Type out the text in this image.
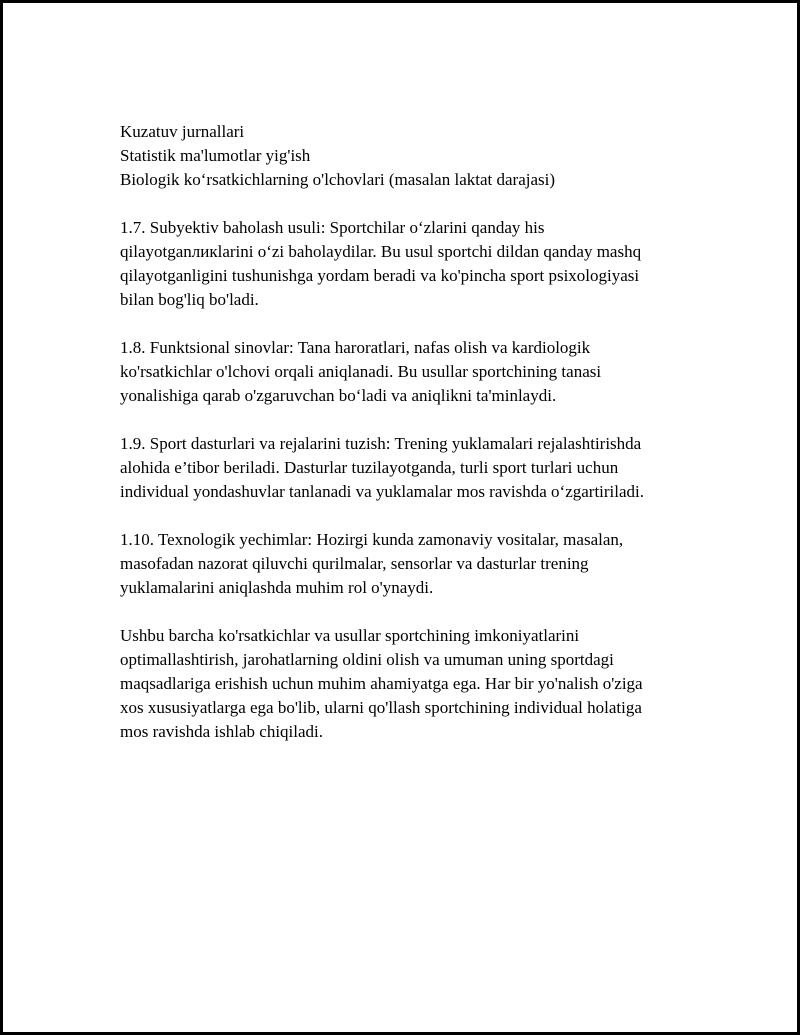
Kuzatuv jurnallari

Statistik ma'lumotlar yig'ish

Biologik ko‘rsatkichlarning o'lchovlari (masalan laktat darajasi)

1.7. Subyektiv baholash usuli: Sportchilar o‘zlarini qanday his

qilayotganликlarini o‘zi baholaydilar. Bu usul sportchi dildan qanday mashq

qilayotganligini tushunishga yordam beradi va ko'pincha sport psixologiyasi

bilan bog'liq bo'ladi.

1.8. Funktsional sinovlar: Tana haroratlari, nafas olish va kardiologik

ko'rsatkichlar o'lchovi orqali aniqlanadi. Bu usullar sportchining tanasi

yonalishiga qarab o'zgaruvchan bo‘ladi va aniqlikni ta'minlaydi.

1.9. Sport dasturlari va rejalarini tuzish: Trening yuklamalari rejalashtirishda

alohida e’tibor beriladi. Dasturlar tuzilayotganda, turli sport turlari uchun

individual yondashuvlar tanlanadi va yuklamalar mos ravishda o‘zgartiriladi.

1.10. Texnologik yechimlar: Hozirgi kunda zamonaviy vositalar, masalan,

masofadan nazorat qiluvchi qurilmalar, sensorlar va dasturlar trening

yuklamalarini aniqlashda muhim rol o'ynaydi.

Ushbu barcha ko'rsatkichlar va usullar sportchining imkoniyatlarini

optimallashtirish, jarohatlarning oldini olish va umuman uning sportdagi

maqsadlariga erishish uchun muhim ahamiyatga ega. Har bir yo'nalish o'ziga

xos xususiyatlarga ega bo'lib, ularni qo'llash sportchining individual holatiga

mos ravishda ishlab chiqiladi.
